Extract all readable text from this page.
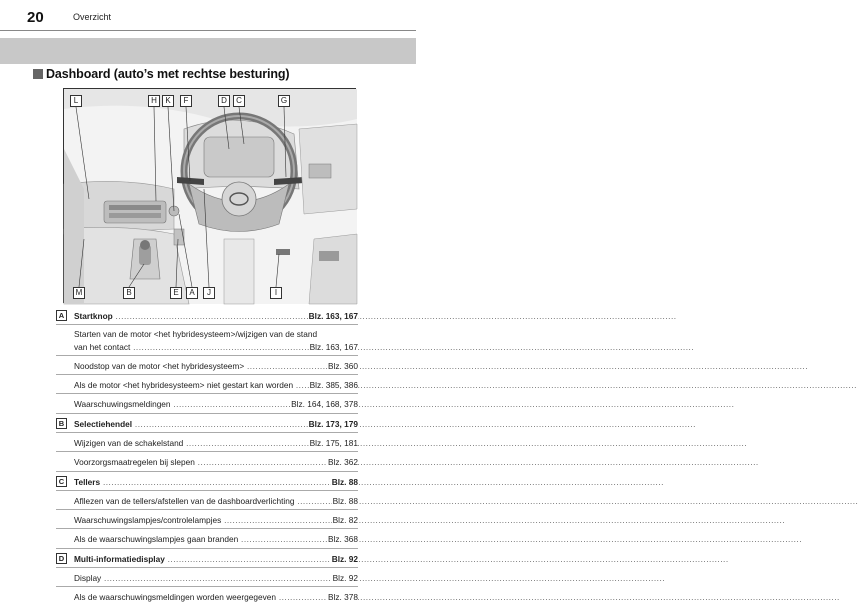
20	Overzicht
Dashboard (auto’s met rechtse besturing)
L	H	K	F	D	C	G
M	B	E	A	J	I
A	Startknop .....	Blz. 163, 167
Starten van de motor <het hybridesysteem>/wijzigen van de stand
van het contact .....	Blz. 163, 167
Noodstop van de motor <het hybridesysteem> .....	Blz. 360
Als de motor <het hybridesysteem> niet gestart kan worden .....	Blz. 385, 386
Waarschuwingsmeldingen .....	Blz. 164, 168, 378
B	Selectiehendel .....	Blz. 173, 179
Wijzigen van de schakelstand .....	Blz. 175, 181
Voorzorgsmaatregelen bij slepen .....	Blz. 362
C	Tellers .....	Blz. 88
Afllezen van de tellers/afstellen van de dashboardverlichting .....	Blz. 88
Waarschuwingslampjes/controlelampjes .....	Blz. 82
Als de waarschuwingslampjes gaan branden .....	Blz. 368
D	Multi-informatiedisplay .....	Blz. 92
Display .....	Blz. 92
Als de waarschuwingsmeldingen worden weergegeven .....	Blz. 378
